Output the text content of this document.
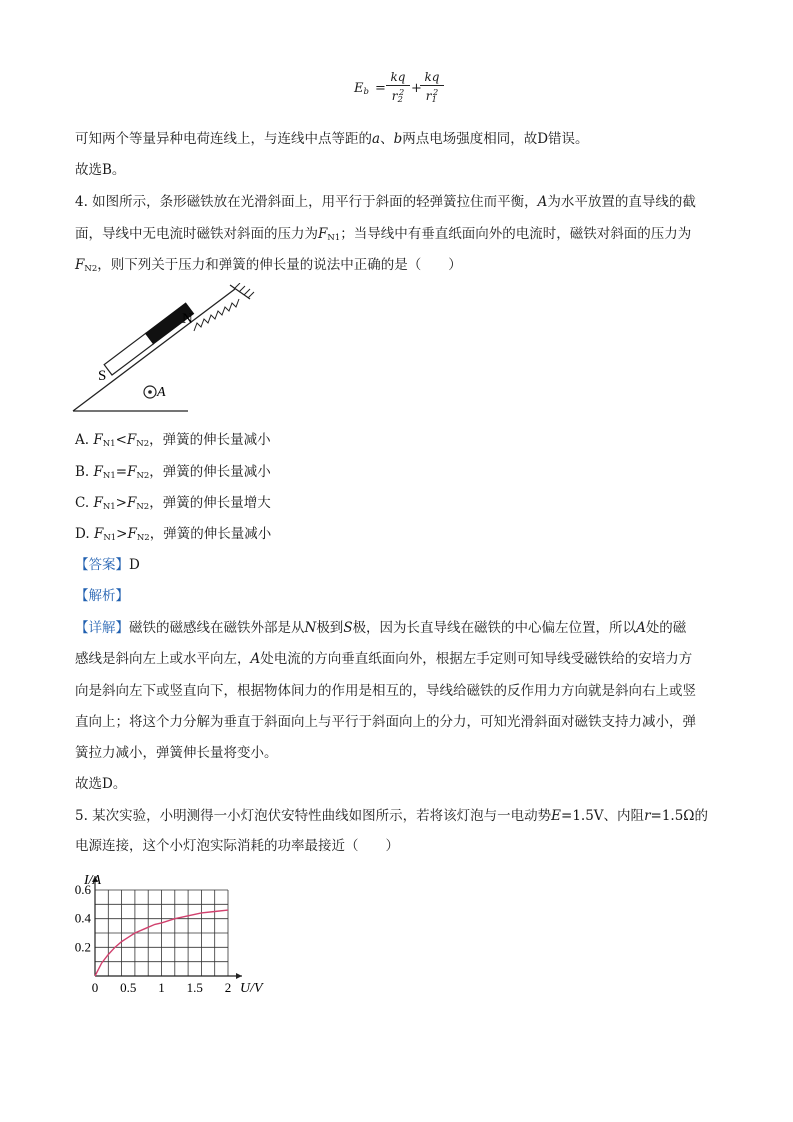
$E_b = \frac{kq}{r_2^2}$ +
$\frac{kq}{r_1^2}$
可知两个等量异种电荷连线上，与连线中点等距的a、b两点电场强度相同，故D错误。
故选B。
4. 如图所示，条形磁铁放在光滑斜面上，用平行于斜面的轻弹簧拉住而平衡，A为水平放置的直导线的截
面，导线中无电流时磁铁对斜面的压力为$F_{N1}$；当导线中有垂直纸面向外的电流时，磁铁对斜面的压力为
$F_{N2}$，则下列关于压力和弹簧的伸长量的说法中正确的是（　　）
N
S
A
A. $F_{N1}<F_{N2}$，弹簧的伸长量减小
B. $F_{N1}=F_{N2}$，弹簧的伸长量减小
C. $F_{N1}>F_{N2}$，弹簧的伸长量增大
D. $F_{N1}>F_{N2}$，弹簧的伸长量减小
【答案】D
【解析】
【详解】磁铁的磁感线在磁铁外部是从N极到S极，因为长直导线在磁铁的中心偏左位置，所以A处的磁
感线是斜向左上或水平向左，A处电流的方向垂直纸面向外，根据左手定则可知导线受磁铁给的安培力方
向是斜向左下或竖直向下，根据物体间力的作用是相互的，导线给磁铁的反作用力方向就是斜向右上或竖
直向上；将这个力分解为垂直于斜面向上与平行于斜面向上的分力，可知光滑斜面对磁铁支持力减小，弹
簧拉力减小，弹簧伸长量将变小。
故选D。
5. 某次实验，小明测得一小灯泡伏安特性曲线如图所示，若将该灯泡与一电动势E=1.5V、内阻r=1.5Ω的
电源连接，这个小灯泡实际消耗的功率最接近（　　）
0 0.5 1 1.5 2
0.2
0.4
0.6
I/A
U/V
